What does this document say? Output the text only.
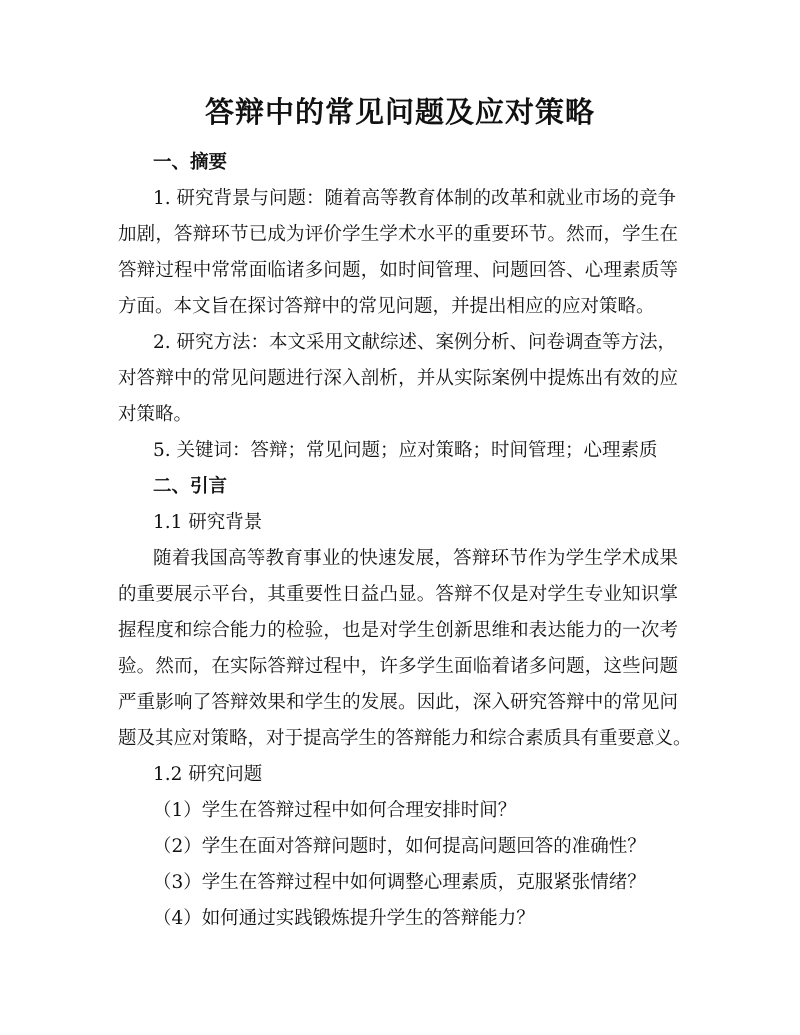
答辩中的常见问题及应对策略
一、摘要
1. 研究背景与问题：随着高等教育体制的改革和就业市场的竞争
加剧，答辩环节已成为评价学生学术水平的重要环节。然而，学生在
答辩过程中常常面临诸多问题，如时间管理、问题回答、心理素质等
方面。本文旨在探讨答辩中的常见问题，并提出相应的应对策略。
2. 研究方法：本文采用文献综述、案例分析、问卷调查等方法，
对答辩中的常见问题进行深入剖析，并从实际案例中提炼出有效的应
对策略。
5. 关键词：答辩；常见问题；应对策略；时间管理；心理素质
二、引言
1.1 研究背景
随着我国高等教育事业的快速发展，答辩环节作为学生学术成果
的重要展示平台，其重要性日益凸显。答辩不仅是对学生专业知识掌
握程度和综合能力的检验，也是对学生创新思维和表达能力的一次考
验。然而，在实际答辩过程中，许多学生面临着诸多问题，这些问题
严重影响了答辩效果和学生的发展。因此，深入研究答辩中的常见问
题及其应对策略，对于提高学生的答辩能力和综合素质具有重要意义。
1.2 研究问题
（1）学生在答辩过程中如何合理安排时间？
（2）学生在面对答辩问题时，如何提高问题回答的准确性？
（3）学生在答辩过程中如何调整心理素质，克服紧张情绪？
（4）如何通过实践锻炼提升学生的答辩能力？
